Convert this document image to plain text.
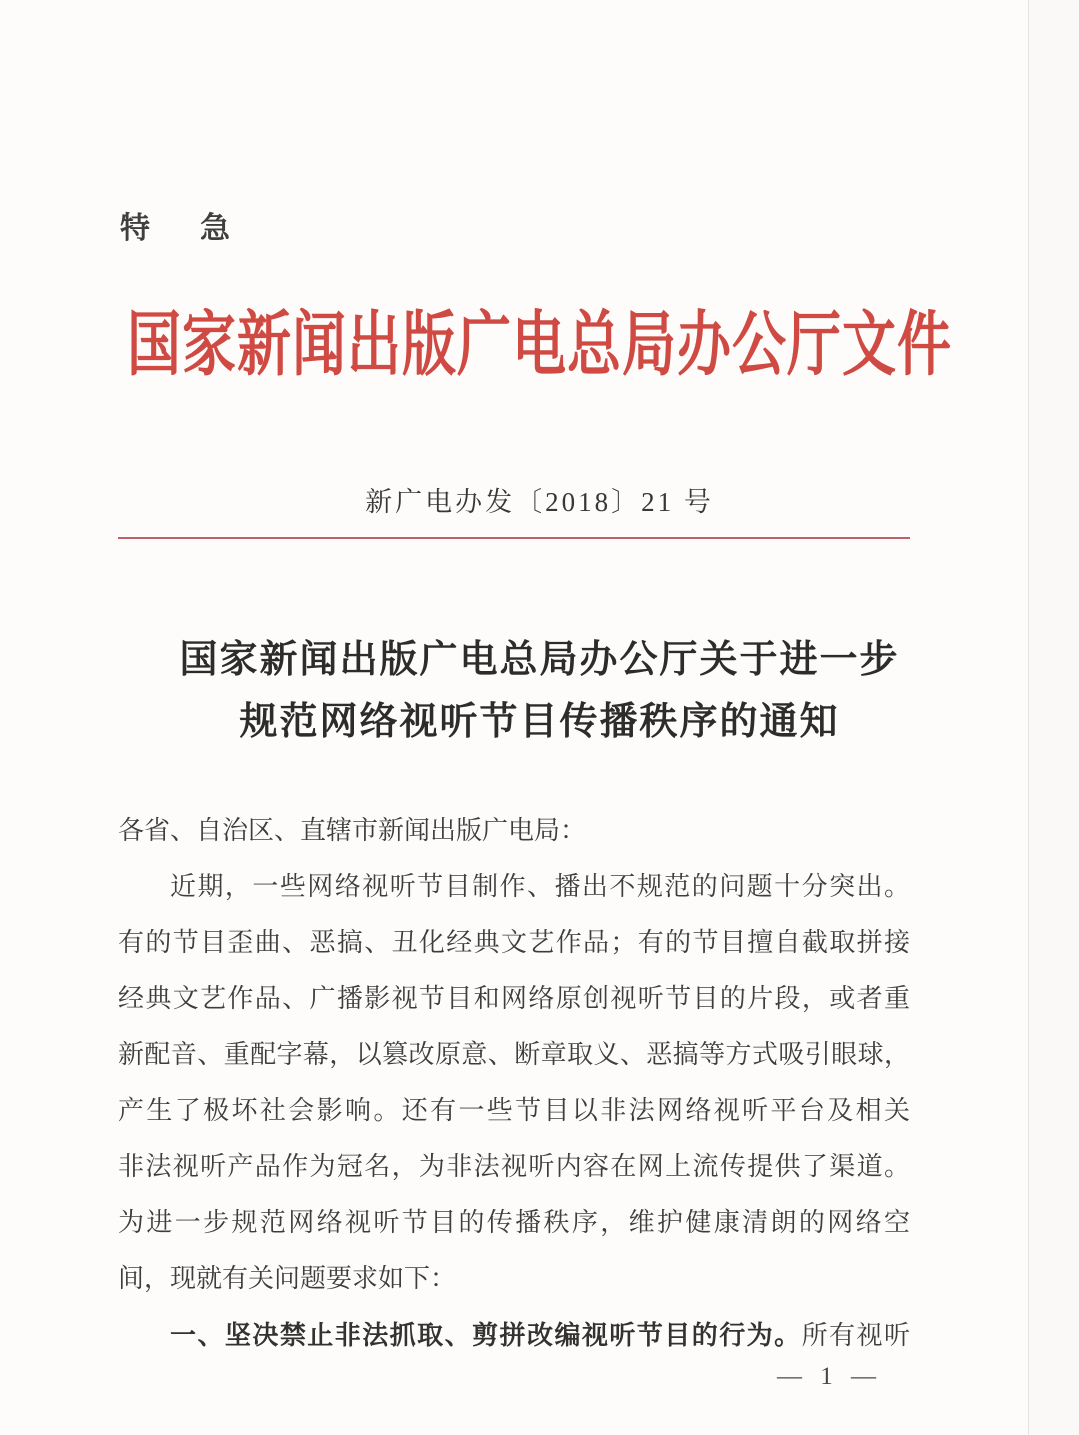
特　急
国家新闻出版广电总局办公厅文件
新广电办发〔2018〕21 号
国家新闻出版广电总局办公厅关于进一步
规范网络视听节目传播秩序的通知
各省、自治区、直辖市新闻出版广电局：
近期，一些网络视听节目制作、播出不规范的问题十分突出。
有的节目歪曲、恶搞、丑化经典文艺作品；有的节目擅自截取拼接
经典文艺作品、广播影视节目和网络原创视听节目的片段，或者重
新配音、重配字幕，以篡改原意、断章取义、恶搞等方式吸引眼球，
产生了极坏社会影响。还有一些节目以非法网络视听平台及相关
非法视听产品作为冠名，为非法视听内容在网上流传提供了渠道。
为进一步规范网络视听节目的传播秩序，维护健康清朗的网络空
间，现就有关问题要求如下：
一、坚决禁止非法抓取、剪拼改编视听节目的行为。所有视听
— 1 —
